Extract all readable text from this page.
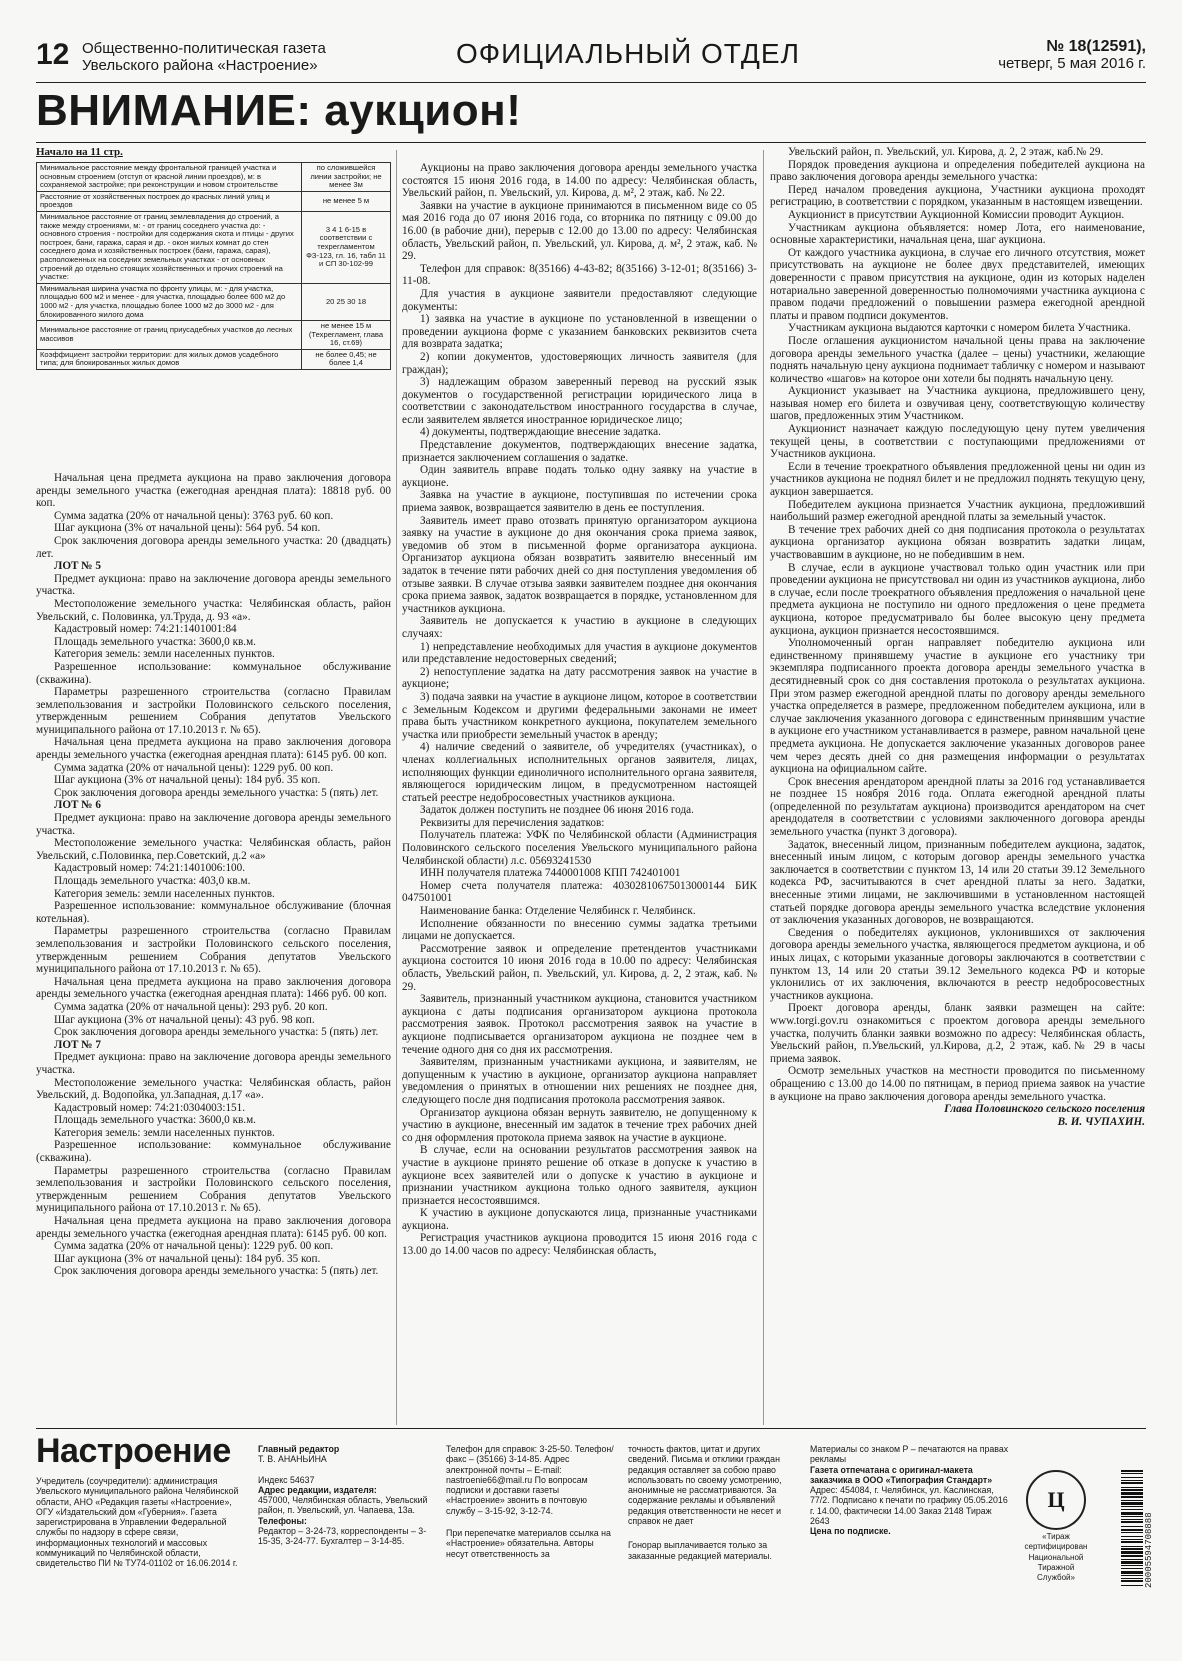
12 Общественно-политическая газета
Увельского района «Настроение»	ОФИЦИАЛЬНЫЙ ОТДЕЛ	№ 18(12591),
четверг, 5 мая 2016 г.
ВНИМАНИЕ: аукцион!
Начало на 11 стр.
Минимальное расстояние между фронтальной границей участка и основным строением (отступ от красной линии проездов), м: в сохраняемой застройке; при реконструкции и новом строительстве	по сложившейся линии застройки; не менее 3м
Расстояние от хозяйственных построек до красных линий улиц и проездов	не менее 5 м
Минимальное расстояние от границ землевладения до строений, а также между строениями, м: - от границ соседнего участка до: - основного строения - постройки для содержания скота и птицы - других построек, бани, гаража, сарая и др. - окон жилых комнат до стен соседнего дома и хозяйственных построек (бани, гаража, сарая), расположенных на соседних земельных участках - от основных строений до отдельно стоящих хозяйственных и прочих строений на участке:	3 4 1 6-15 в соответствии с техрегламентом ФЗ-123, гл. 16, табл 11 и СП 30-102-99
Минимальная ширина участка по фронту улицы, м: - для участка, площадью 600 м2 и менее - для участка, площадью более 600 м2 до 1000 м2 - для участка, площадью более 1000 м2 до 3000 м2 - для блокированного жилого дома	20 25 30 18
Минимальное расстояние от границ приусадебных участков до лесных массивов	не менее 15 м (Техрегламент, глава 16, ст.69)
Коэффициент застройки территории: для жилых домов усадебного типа; для блокированных жилых домов	не более 0,45; не более 1,4

Начальная цена предмета аукциона на право заключения договора аренды земельного участка (ежегодная арендная плата): 18818 руб. 00 коп.

Сумма задатка (20% от начальной цены): 3763 руб. 60 коп.

Шаг аукциона (3% от начальной цены): 564 руб. 54 коп.

Срок заключения договора аренды земельного участка: 20 (двадцать) лет.

ЛОТ № 5

Предмет аукциона: право на заключение договора аренды земельного участка.

Местоположение земельного участка: Челябинская область, район Увельский, с. Половинка, ул.Труда, д. 93 «а».

Кадастровый номер: 74:21:1401001:84

Площадь земельного участка: 3600,0 кв.м.

Категория земель: земли населенных пунктов.

Разрешенное использование: коммунальное обслуживание (скважина).

Параметры разрешенного строительства (согласно Правилам землепользования и застройки Половинского сельского поселения, утвержденным решением Собрания депутатов Увельского муниципального района от 17.10.2013 г. № 65).

Начальная цена предмета аукциона на право заключения договора аренды земельного участка (ежегодная арендная плата): 6145 руб. 00 коп.

Сумма задатка (20% от начальной цены): 1229 руб. 00 коп.

Шаг аукциона (3% от начальной цены): 184 руб. 35 коп.

Срок заключения договора аренды земельного участка: 5 (пять) лет.

ЛОТ № 6

Предмет аукциона: право на заключение договора аренды земельного участка.

Местоположение земельного участка: Челябинская область, район Увельский, с.Половинка, пер.Советский, д.2 «а»

Кадастровый номер: 74:21:1401006:100.

Площадь земельного участка: 403,0 кв.м.

Категория земель: земли населенных пунктов.

Разрешенное использование: коммунальное обслуживание (блочная котельная).

Параметры разрешенного строительства (согласно Правилам землепользования и застройки Половинского сельского поселения, утвержденным решением Собрания депутатов Увельского муниципального района от 17.10.2013 г. № 65).

Начальная цена предмета аукциона на право заключения договора аренды земельного участка (ежегодная арендная плата): 1466 руб. 00 коп.

Сумма задатка (20% от начальной цены): 293 руб. 20 коп.

Шаг аукциона (3% от начальной цены): 43 руб. 98 коп.

Срок заключения договора аренды земельного участка: 5 (пять) лет.

ЛОТ № 7

Предмет аукциона: право на заключение договора аренды земельного участка.

Местоположение земельного участка: Челябинская область, район Увельский, д. Водопойка, ул.Западная, д.17 «а».

Кадастровый номер: 74:21:0304003:151.

Площадь земельного участка: 3600,0 кв.м.

Категория земель: земли населенных пунктов.

Разрешенное использование: коммунальное обслуживание (скважина).

Параметры разрешенного строительства (согласно Правилам землепользования и застройки Половинского сельского поселения, утвержденным решением Собрания депутатов Увельского муниципального района от 17.10.2013 г. № 65).

Начальная цена предмета аукциона на право заключения договора аренды земельного участка (ежегодная арендная плата): 6145 руб. 00 коп.

Сумма задатка (20% от начальной цены): 1229 руб. 00 коп.

Шаг аукциона (3% от начальной цены): 184 руб. 35 коп.

Срок заключения договора аренды земельного участка: 5 (пять) лет.

Аукционы на право заключения договора аренды земельного участка состоятся 15 июня 2016 года, в 14.00 по адресу: Челябинская область, Увельский район, п. Увельский, ул. Кирова, д. м², 2 этаж, каб. № 22.

Заявки на участие в аукционе принимаются в письменном виде со 05 мая 2016 года до 07 июня 2016 года, со вторника по пятницу с 09.00 до 16.00 (в рабочие дни), перерыв с 12.00 до 13.00 по адресу: Челябинская область, Увельский район, п. Увельский, ул. Кирова, д. м², 2 этаж, каб. № 29.

Телефон для справок: 8(35166) 4-43-82; 8(35166) 3-12-01; 8(35166) 3-11-08.

Для участия в аукционе заявители предоставляют следующие документы:

1) заявка на участие в аукционе по установленной в извещении о проведении аукциона форме с указанием банковских реквизитов счета для возврата задатка;

2) копии документов, удостоверяющих личность заявителя (для граждан);

3) надлежащим образом заверенный перевод на русский язык документов о государственной регистрации юридического лица в соответствии с законодательством иностранного государства в случае, если заявителем является иностранное юридическое лицо;

4) документы, подтверждающие внесение задатка.

Представление документов, подтверждающих внесение задатка, признается заключением соглашения о задатке.

Один заявитель вправе подать только одну заявку на участие в аукционе.

Заявка на участие в аукционе, поступившая по истечении срока приема заявок, возвращается заявителю в день ее поступления.

Заявитель имеет право отозвать принятую организатором аукциона заявку на участие в аукционе до дня окончания срока приема заявок, уведомив об этом в письменной форме организатора аукциона. Организатор аукциона обязан возвратить заявителю внесенный им задаток в течение пяти рабочих дней со дня поступления уведомления об отзыве заявки. В случае отзыва заявки заявителем позднее дня окончания срока приема заявок, задаток возвращается в порядке, установленном для участников аукциона.

Заявитель не допускается к участию в аукционе в следующих случаях:

1) непредставление необходимых для участия в аукционе документов или представление недостоверных сведений;

2) непоступление задатка на дату рассмотрения заявок на участие в аукционе;

3) подача заявки на участие в аукционе лицом, которое в соответствии с Земельным Кодексом и другими федеральными законами не имеет права быть участником конкретного аукциона, покупателем земельного участка или приобрести земельный участок в аренду;

4) наличие сведений о заявителе, об учредителях (участниках), о членах коллегиальных исполнительных органов заявителя, лицах, исполняющих функции единоличного исполнительного органа заявителя, являющегося юридическим лицом, в предусмотренном настоящей статьей реестре недобросовестных участников аукциона.

Задаток должен поступить не позднее 06 июня 2016 года.

Реквизиты для перечисления задатков:

Получатель платежа: УФК по Челябинской области (Администрация Половинского сельского поселения Увельского муниципального района Челябинской области) л.с. 05693241530

ИНН получателя платежа 7440001008 КПП 742401001

Номер счета получателя платежа: 40302810675013000144 БИК 047501001

Наименование банка: Отделение Челябинск г. Челябинск.

Исполнение обязанности по внесению суммы задатка третьими лицами не допускается.

Рассмотрение заявок и определение претендентов участниками аукциона состоится 10 июня 2016 года в 10.00 по адресу: Челябинская область, Увельский район, п. Увельский, ул. Кирова, д. 2, 2 этаж, каб. № 29.

Заявитель, признанный участником аукциона, становится участником аукциона с даты подписания организатором аукциона протокола рассмотрения заявок. Протокол рассмотрения заявок на участие в аукционе подписывается организатором аукциона не позднее чем в течение одного дня со дня их рассмотрения.

Заявителям, признанным участниками аукциона, и заявителям, не допущенным к участию в аукционе, организатор аукциона направляет уведомления о принятых в отношении них решениях не позднее дня, следующего после дня подписания протокола рассмотрения заявок.

Организатор аукциона обязан вернуть заявителю, не допущенному к участию в аукционе, внесенный им задаток в течение трех рабочих дней со дня оформления протокола приема заявок на участие в аукционе.

В случае, если на основании результатов рассмотрения заявок на участие в аукционе принято решение об отказе в допуске к участию в аукционе всех заявителей или о допуске к участию в аукционе и признании участником аукциона только одного заявителя, аукцион признается несостоявшимся.

К участию в аукционе допускаются лица, признанные участниками аукциона.

Регистрация участников аукциона проводится 15 июня 2016 года с 13.00 до 14.00 часов по адресу: Челябинская область,

Увельский район, п. Увельский, ул. Кирова, д. 2, 2 этаж, каб.№ 29.

Порядок проведения аукциона и определения победителей аукциона на право заключения договора аренды земельного участка:

Перед началом проведения аукциона, Участники аукциона проходят регистрацию, в соответствии с порядком, указанным в настоящем извещении.

Аукционист в присутствии Аукционной Комиссии проводит Аукцион.

Участникам аукциона объявляется: номер Лота, его наименование, основные характеристики, начальная цена, шаг аукциона.

От каждого участника аукциона, в случае его личного отсутствия, может присутствовать на аукционе не более двух представителей, имеющих доверенности с правом присутствия на аукционе, один из которых наделен нотариально заверенной доверенностью полномочиями участника аукциона с правом подачи предложений о повышении размера ежегодной арендной платы и правом подписи документов.

Участникам аукциона выдаются карточки с номером билета Участника.

После оглашения аукционистом начальной цены права на заключение договора аренды земельного участка (далее – цены) участники, желающие поднять начальную цену аукциона поднимает табличку с номером и называют количество «шагов» на которое они хотели бы поднять начальную цену.

Аукционист указывает на Участника аукциона, предложившего цену, называя номер его билета и озвучивая цену, соответствующую количеству шагов, предложенных этим Участником.

Аукционист назначает каждую последующую цену путем увеличения текущей цены, в соответствии с поступающими предложениями от Участников аукциона.

Если в течение троекратного объявления предложенной цены ни один из участников аукциона не поднял билет и не предложил поднять текущую цену, аукцион завершается.

Победителем аукциона признается Участник аукциона, предложивший наибольший размер ежегодной арендной платы за земельный участок.

В течение трех рабочих дней со дня подписания протокола о результатах аукциона организатор аукциона обязан возвратить задатки лицам, участвовавшим в аукционе, но не победившим в нем.

В случае, если в аукционе участвовал только один участник или при проведении аукциона не присутствовал ни один из участников аукциона, либо в случае, если после троекратного объявления предложения о начальной цене предмета аукциона не поступило ни одного предложения о цене предмета аукциона, которое предусматривало бы более высокую цену предмета аукциона, аукцион признается несостоявшимся.

Уполномоченный орган направляет победителю аукциона или единственному принявшему участие в аукционе его участнику три экземпляра подписанного проекта договора аренды земельного участка в десятидневный срок со дня составления протокола о результатах аукциона. При этом размер ежегодной арендной платы по договору аренды земельного участка определяется в размере, предложенном победителем аукциона, или в случае заключения указанного договора с единственным принявшим участие в аукционе его участником устанавливается в размере, равном начальной цене предмета аукциона. Не допускается заключение указанных договоров ранее чем через десять дней со дня размещения информации о результатах аукциона на официальном сайте.

Срок внесения арендатором арендной платы за 2016 год устанавливается не позднее 15 ноября 2016 года. Оплата ежегодной арендной платы (определенной по результатам аукциона) производится арендатором на счет арендодателя в соответствии с условиями заключенного договора аренды земельного участка (пункт 3 договора).

Задаток, внесенный лицом, признанным победителем аукциона, задаток, внесенный иным лицом, с которым договор аренды земельного участка заключается в соответствии с пунктом 13, 14 или 20 статьи 39.12 Земельного кодекса РФ, засчитываются в счет арендной платы за него. Задатки, внесенные этими лицами, не заключившими в установленном настоящей статьей порядке договора аренды земельного участка вследствие уклонения от заключения указанных договоров, не возвращаются.

Сведения о победителях аукционов, уклонившихся от заключения договора аренды земельного участка, являющегося предметом аукциона, и об иных лицах, с которыми указанные договоры заключаются в соответствии с пунктом 13, 14 или 20 статьи 39.12 Земельного кодекса РФ и которые уклонились от их заключения, включаются в реестр недобросовестных участников аукциона.

Проект договора аренды, бланк заявки размещен на сайте: www.torgi.gov.ru ознакомиться с проектом договора аренды земельного участка, получить бланки заявки возможно по адресу: Челябинская область, Увельский район, п.Увельский, ул.Кирова, д.2, 2 этаж, каб.№ 29 в часы приема заявок.

Осмотр земельных участков на местности проводится по письменному обращению с 13.00 до 14.00 по пятницам, в период приема заявок на участие в аукционе на право заключения договора аренды земельного участка.

Глава Половинского сельского поселения

В. И. ЧУПАХИН.

Настроение
Учредитель (соучредители): администрация Увельского муниципального района Челябинской области, АНО «Редакция газеты «Настроение», ОГУ «Издательский дом «Губерния». Газета зарегистрирована в Управлении Федеральной службы по надзору в сфере связи, информационных технологий и массовых коммуникаций по Челябинской области, свидетельство ПИ № ТУ74-01102 от 16.06.2014 г.
Главный редактор
Т. В. АНАНЬИНА
Индекс 54637
Адрес редакции, издателя:
457000, Челябинская область, Увельский район, п. Увельский, ул. Чапаева, 13а.
Телефоны:
Редактор – 3-24-73, корреспонденты – 3-15-35, 3-24-77. Бухгалтер – 3-14-85.
Телефон для справок: 3-25-50. Телефон/факс – (35166) 3-14-85. Адрес электронной почты – E-mail: nastroenie66@mail.ru По вопросам подписки и доставки газеты «Настроение» звонить в почтовую службу – 3-15-92, 3-12-74.
При перепечатке материалов ссылка на «Настроение» обязательна. Авторы несут ответственность за
точность фактов, цитат и других сведений. Письма и отклики граждан редакция оставляет за собою право использовать по своему усмотрению, анонимные не рассматриваются. За содержание рекламы и объявлений редакция ответственности не несет и справок не дает
Гонорар выплачивается только за заказанные редакцией материалы.
Материалы со знаком Р – печатаются на правах рекламы
Газета отпечатана с оригинал-макета заказчика в ООО «Типография Стандарт»
Адрес: 454084, г. Челябинск, ул. Каслинская, 77/2. Подписано к печати по графику 05.05.2016 г. 14.00, фактически 14.00 Заказ 2148 Тираж 2643
Цена по подписке.
Ц
«Тираж сертифицирован Национальной Тиражной Службой»	20005594708888
